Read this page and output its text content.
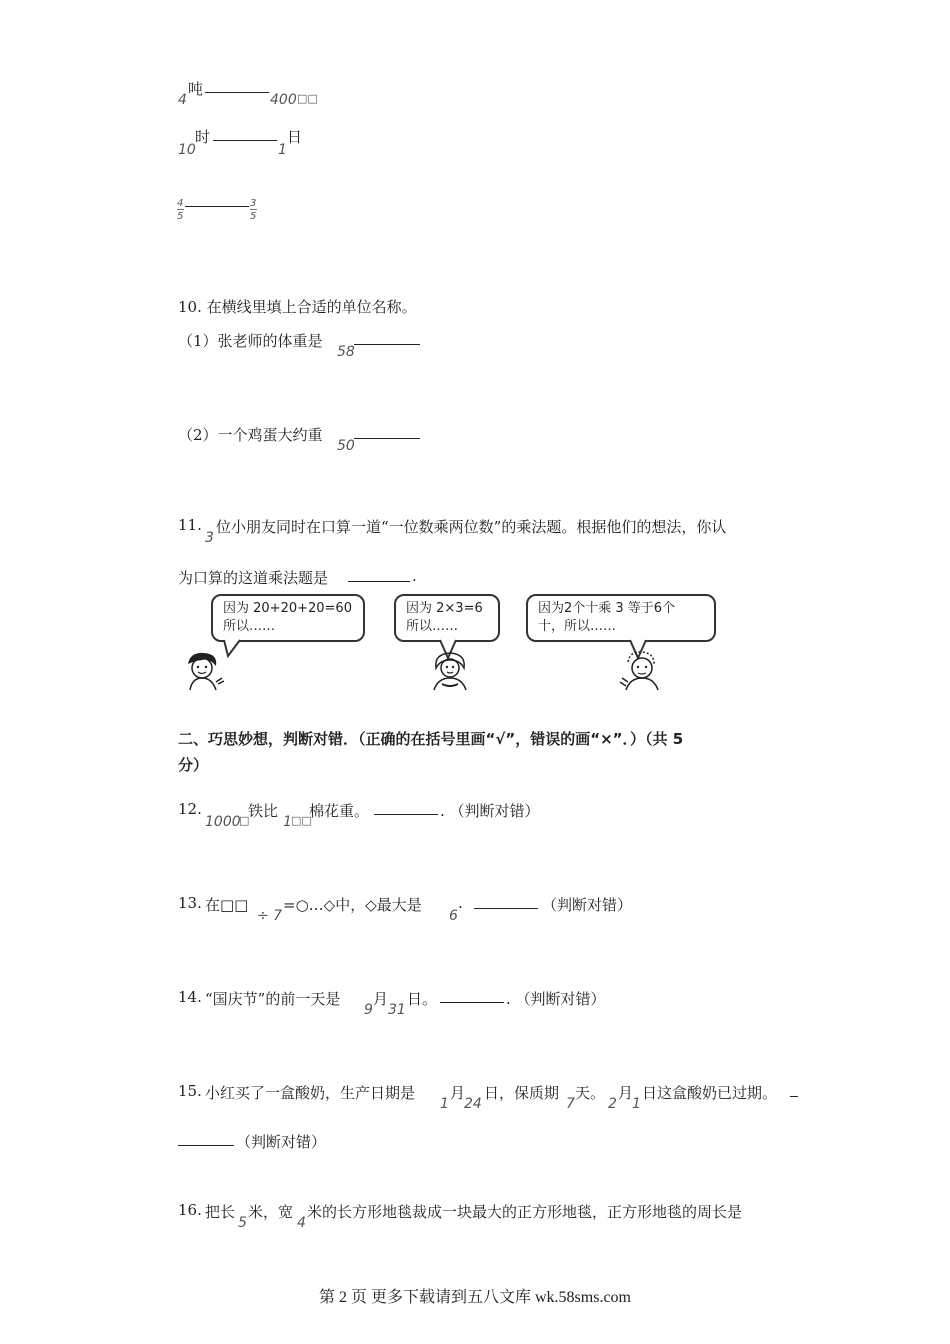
4
吨
400 □□
10
时
1
日
4
5
3
5
10. 在横线里填上合适的单位名称。
（1）张老师的体重是
58
（2）一个鸡蛋大约重
50
11.
3
位小朋友同时在口算一道“一位数乘两位数”的乘法题。根据他们的想法，你认
为口算的这道乘法题是	.
因为 20+20+20=60
所以……
因为 2×3=6
所以……
因为2个十乘 3 等于6个
十，所以……
二、巧思妙想，判断对错．（正确的在括号里画“√”，错误的画“×”．）（共 5
分）
12.
1000
□
铁比
1 □□
棉花重。	. （判断对错）
13. 在□□
÷ 7
=○…◇中，◇最大是
6
.	（判断对错）
14. “国庆节”的前一天是
9
月
31
日。	. （判断对错）
15. 小红买了一盒酸奶，生产日期是
1
月
24
日，保质期
7
天。
2
月
1
日这盒酸奶已过期。
（判断对错）
16. 把长
5
米，宽
4
米的长方形地毯裁成一块最大的正方形地毯，正方形地毯的周长是
第 2 页 更多下载请到五八文库 wk.58sms.com
